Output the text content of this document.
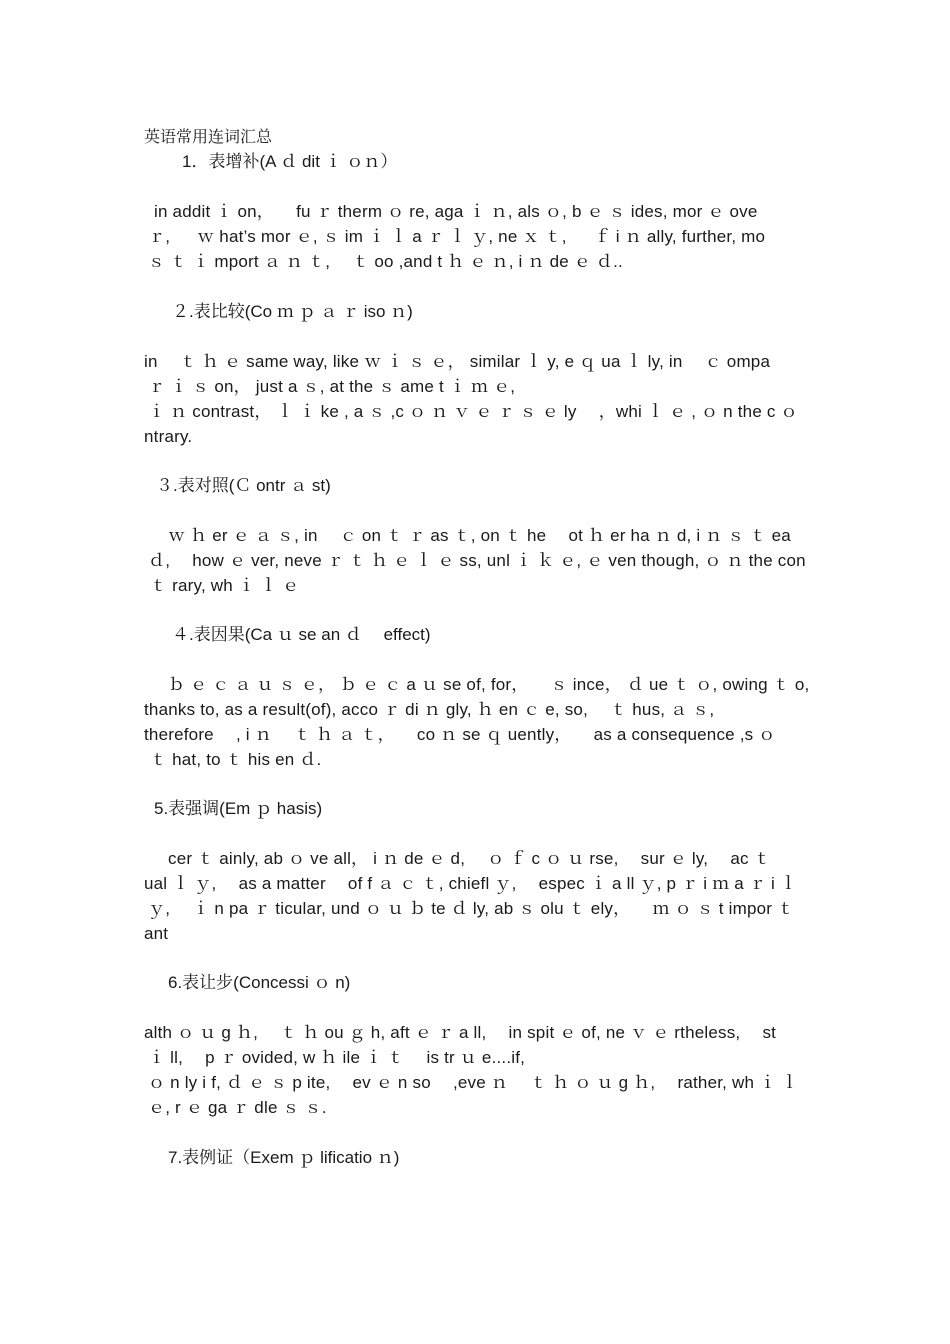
英语常用连词汇总
1．表增补(A ｄ dit ｉ ｏｎ）
in addit ｉ on， 　fu ｒ therm ｏ re, aga ｉ ｎ, als ｏ, b ｅ ｓ ides, mor ｅ ove
ｒ, 　 ｗ hat’s mor ｅ, ｓ im ｉ ｌ a ｒ ｌ ｙ, ne ｘ ｔ, 　 ｆ i ｎ ally, further, mo
ｓ ｔ ｉ mport ａ ｎ ｔ, 　ｔ oo ,and t ｈ ｅ ｎ, i ｎ de ｅ ｄ..
２.表比较(Co ｍ ｐ ａ ｒ iso ｎ)
in 　ｔ ｈ ｅ same way, like ｗ ｉ ｓ ｅ， similar ｌ y, e ｑ ua ｌ ly, in 　ｃ ompa
ｒ ｉ ｓ on， just a ｓ, at the ｓ ame t ｉ ｍ ｅ,
ｉ ｎ contrast， ｌ ｉ ke , a ｓ ,c ｏ ｎ ｖ ｅ ｒ ｓ ｅ ly 　，whi ｌ ｅ , ｏ n the c ｏ
ntrary.
３.表对照(Ｃ ontr ａ st)
ｗ ｈ er ｅ ａ ｓ, in 　ｃ on ｔ ｒ as ｔ, on ｔ he 　ot ｈ er ha ｎ d, i ｎ ｓ ｔ ea
ｄ, 　how ｅ ver, neve ｒ ｔ ｈ ｅ ｌ ｅ ss, unl ｉ ｋ ｅ, ｅ ven though, ｏ ｎ the con
ｔ rary, wh ｉ ｌ ｅ
４.表因果(Ca ｕ se an ｄ 　effect)
ｂ ｅ ｃ ａ ｕ ｓ ｅ， ｂ ｅ ｃ a ｕ se of, for， 　ｓ ince， ｄ ue ｔ ｏ, owing ｔ o,
thanks to, as a result(of), acco ｒ di ｎ gly, ｈ en ｃ e, so, 　ｔ hus, ａ ｓ,
therefore 　, i ｎ 　ｔ ｈ ａ ｔ， 　co ｎ se ｑ uently， 　as a consequence ,s ｏ
ｔ hat, to ｔ his en ｄ.
5.表强调(Em ｐ hasis)
cer ｔ ainly, ab ｏ ve all， i ｎ de ｅ d, 　ｏ ｆ c ｏ ｕ rse, 　sur ｅ ly, 　ac ｔ
ual ｌ ｙ, 　as a matter 　of f ａ ｃ ｔ, chiefl ｙ, 　espec ｉ a ll ｙ, p ｒ i ｍ a ｒ i ｌ
ｙ, 　ｉ n pa ｒ ticular, und ｏ ｕ ｂ te ｄ ly, ab ｓ olu ｔ ely， 　ｍ ｏ ｓ t impor ｔ
ant
6.表让步(Concessi ｏ n)
alth ｏ ｕ g ｈ, 　ｔ ｈ ou ｇ h, aft ｅ ｒ a ll, 　in spit ｅ of, ne ｖ ｅ rtheless, 　st
ｉ ll, 　p ｒ ovided, w ｈ ile ｉ ｔ 　is tr ｕ e....if,
ｏ n ly i f, ｄ ｅ ｓ p ite, 　ev ｅ n so 　,eve ｎ 　ｔ ｈ ｏ ｕ g ｈ, 　rather, wh ｉ ｌ
ｅ, r ｅ ga ｒ dle ｓ ｓ.
7.表例证（Exem ｐ lificatio ｎ)
